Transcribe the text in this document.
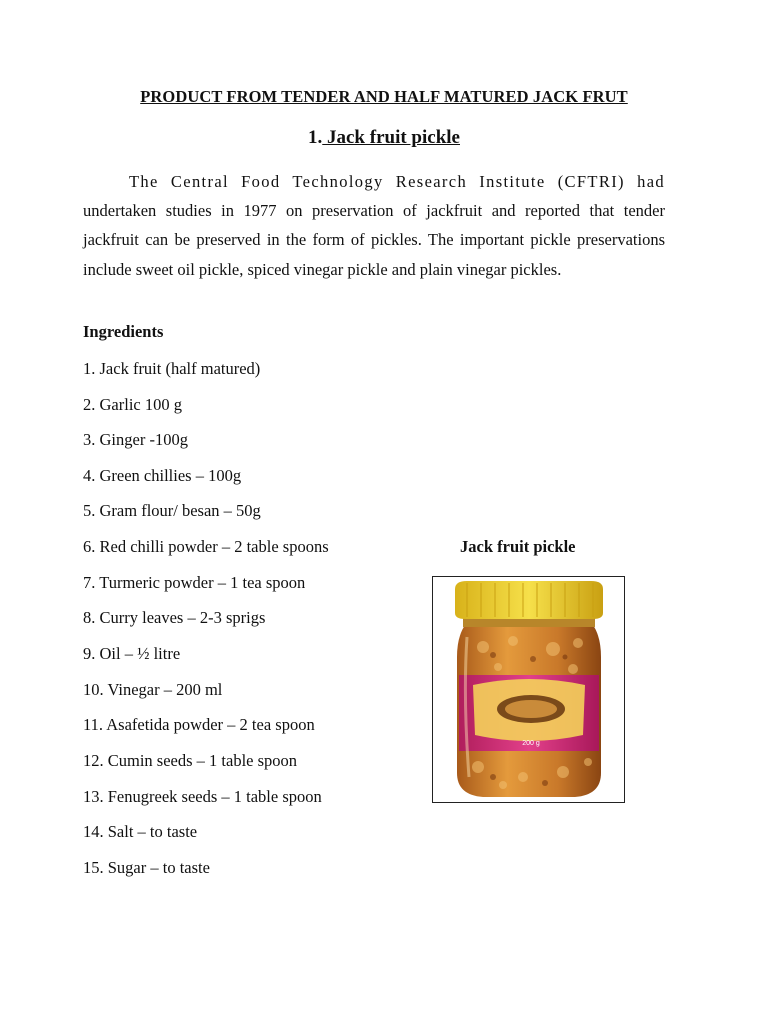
PRODUCT FROM TENDER AND HALF MATURED JACK FRUT
1. Jack fruit pickle
The Central Food Technology Research Institute (CFTRI) had undertaken studies in 1977 on preservation of jackfruit and reported that tender jackfruit can be preserved in the form of pickles. The important pickle preservations include sweet oil pickle, spiced vinegar pickle and plain vinegar pickles.
Ingredients
1. Jack fruit (half matured)
2. Garlic 100 g
3. Ginger -100g
4. Green chillies – 100g
5. Gram flour/ besan – 50g
6. Red chilli powder – 2 table spoons
7. Turmeric powder – 1 tea spoon
8. Curry leaves – 2-3 sprigs
9. Oil – ½ litre
10. Vinegar – 200 ml
11. Asafetida powder – 2 tea spoon
12. Cumin seeds – 1 table spoon
13. Fenugreek seeds – 1 table spoon
14. Salt – to taste
15. Sugar – to taste
Jack fruit pickle
200 g
